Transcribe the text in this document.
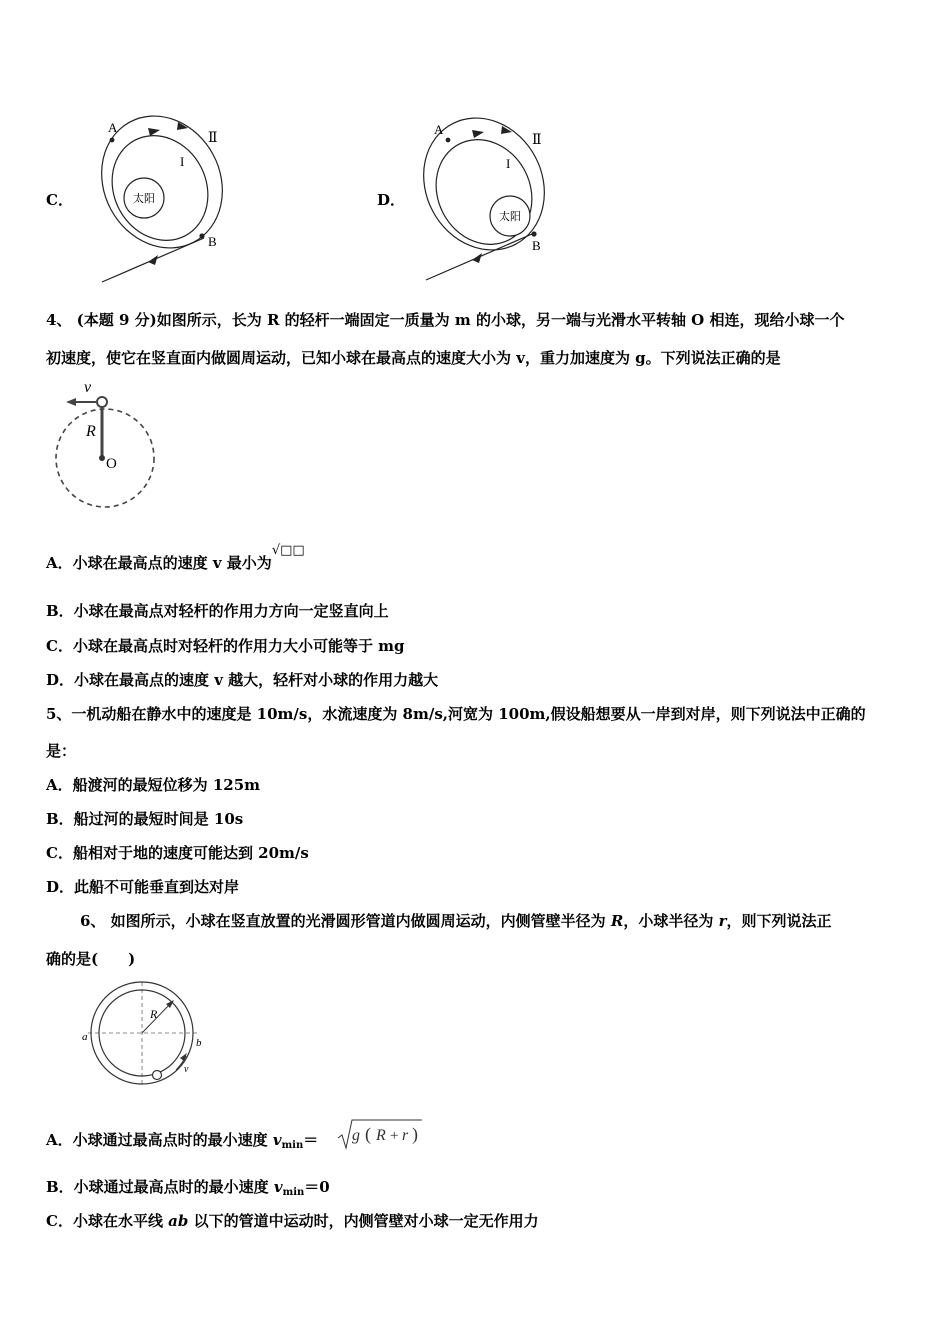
C．	太阳
A
B
I
Ⅱ
D．
太阳
A
B
I
Ⅱ
4、 (本题 9 分)如图所示，长为 R 的轻杆一端固定一质量为 m 的小球，另一端与光滑水平转轴 O 相连，现给小球一个
初速度，使它在竖直面内做圆周运动，已知小球在最高点的速度大小为 v，重力加速度为 g。下列说法正确的是
v
R
O
A．小球在最高点的速度 v 最小为√□□
B．小球在最高点对轻杆的作用力方向一定竖直向上
C．小球在最高点时对轻杆的作用力大小可能等于 mg
D．小球在最高点的速度 v 越大，轻杆对小球的作用力越大
5、一机动船在静水中的速度是 10m/s，水流速度为 8m/s,河宽为 100m,假设船想要从一岸到对岸，则下列说法中正确的
是：
A．船渡河的最短位移为 125m
B．船过河的最短时间是 10s
C．船相对于地的速度可能达到 20m/s
D．此船不可能垂直到达对岸
6、 如图所示，小球在竖直放置的光滑圆形管道内做圆周运动，内侧管壁半径为 R，小球半径为 r，则下列说法正
确的是(　　)
R
a	b
v
A．小球通过最高点时的最小速度 $v_{min}= g$ ( R + r )
B．小球通过最高点时的最小速度 $v_{min}=0$
C．小球在水平线 ab 以下的管道中运动时，内侧管壁对小球一定无作用力
